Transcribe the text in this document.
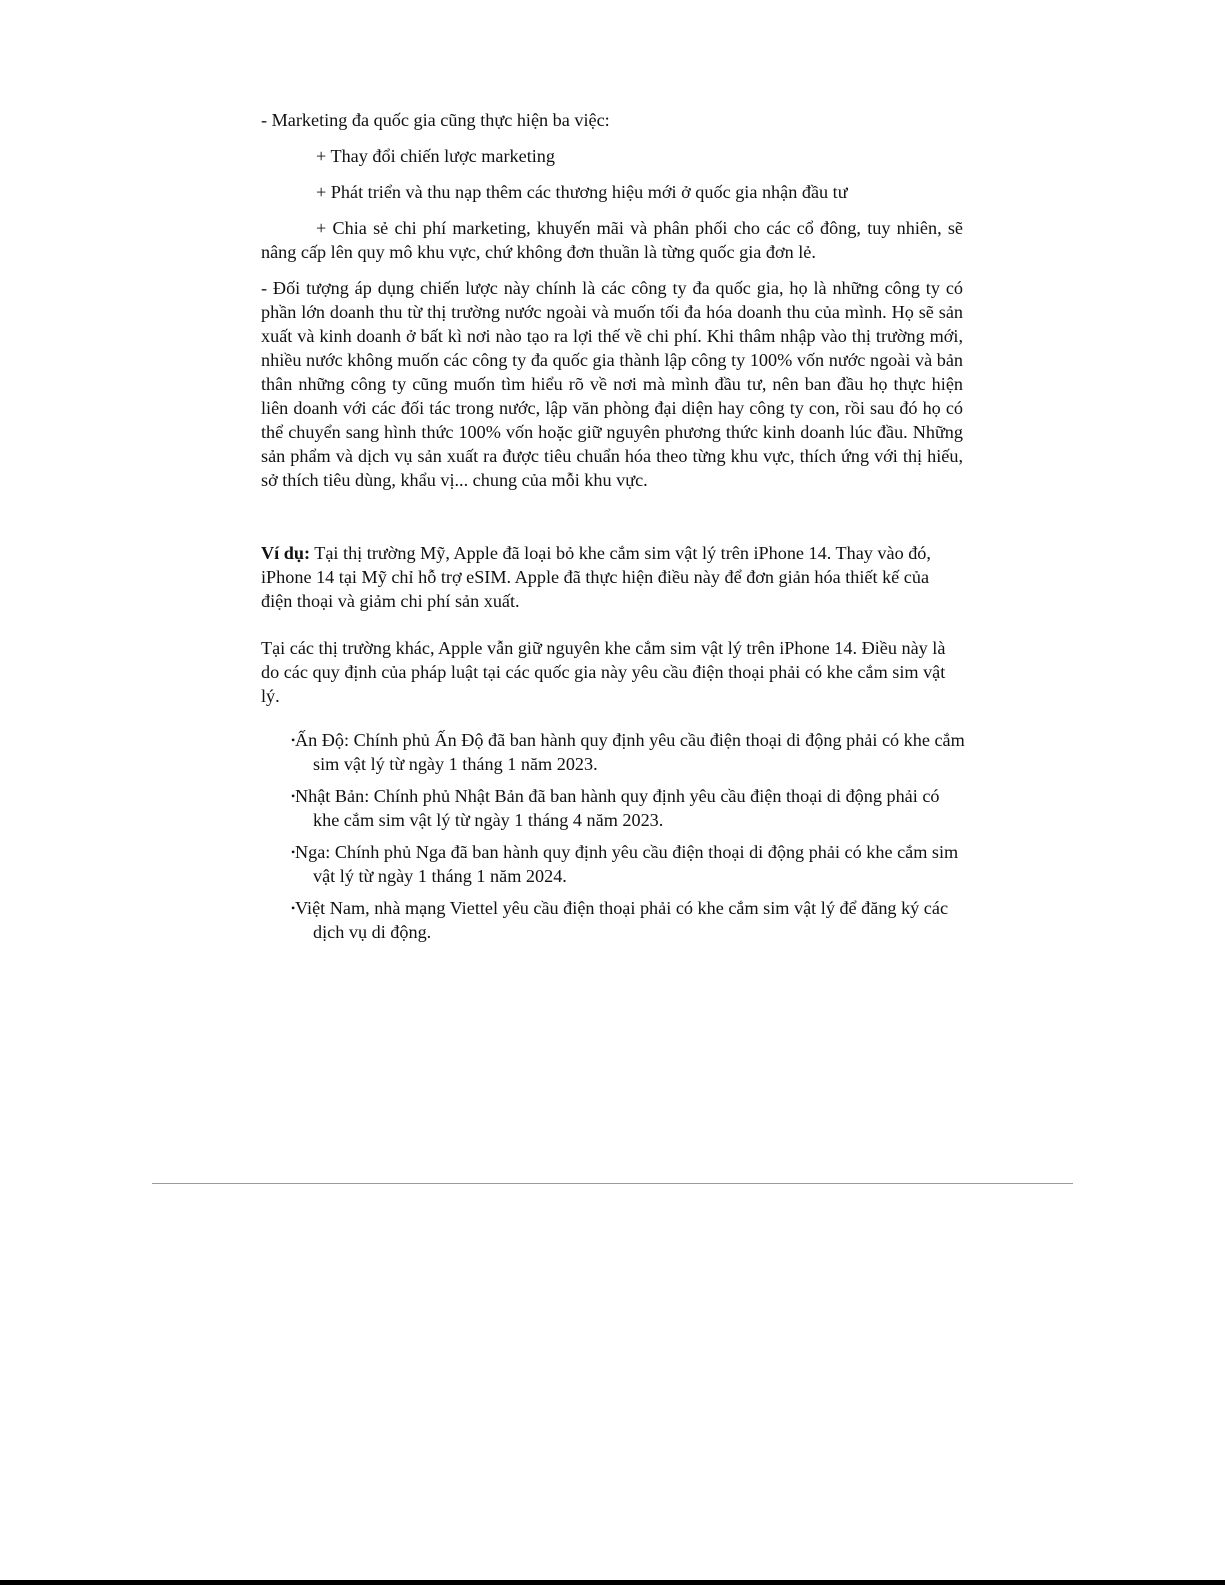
- Marketing đa quốc gia cũng thực hiện ba việc:

+ Thay đổi chiến lược marketing

+ Phát triển và thu nạp thêm các thương hiệu mới ở quốc gia nhận đầu tư

+ Chia sẻ chi phí marketing, khuyến mãi và phân phối cho các cổ đông, tuy nhiên, sẽ nâng cấp lên quy mô khu vực, chứ không đơn thuần là từng quốc gia đơn lẻ.

- Đối tượng áp dụng chiến lược này chính là các công ty đa quốc gia, họ là những công ty có phần lớn doanh thu từ thị trường nước ngoài và muốn tối đa hóa doanh thu của mình. Họ sẽ sản xuất và kinh doanh ở bất kì nơi nào tạo ra lợi thế về chi phí. Khi thâm nhập vào thị trường mới, nhiều nước không muốn các công ty đa quốc gia thành lập công ty 100% vốn nước ngoài và bản thân những công ty cũng muốn tìm hiểu rõ về nơi mà mình đầu tư, nên ban đầu họ thực hiện liên doanh với các đối tác trong nước, lập văn phòng đại diện hay công ty con, rồi sau đó họ có thể chuyển sang hình thức 100% vốn hoặc giữ nguyên phương thức kinh doanh lúc đầu. Những sản phẩm và dịch vụ sản xuất ra được tiêu chuẩn hóa theo từng khu vực, thích ứng với thị hiếu, sở thích tiêu dùng, khẩu vị... chung của mỗi khu vực.

Ví dụ: Tại thị trường Mỹ, Apple đã loại bỏ khe cắm sim vật lý trên iPhone 14. Thay vào đó, iPhone 14 tại Mỹ chỉ hỗ trợ eSIM. Apple đã thực hiện điều này để đơn giản hóa thiết kế của điện thoại và giảm chi phí sản xuất.

Tại các thị trường khác, Apple vẫn giữ nguyên khe cắm sim vật lý trên iPhone 14. Điều này là do các quy định của pháp luật tại các quốc gia này yêu cầu điện thoại phải có khe cắm sim vật lý.

•Ấn Độ: Chính phủ Ấn Độ đã ban hành quy định yêu cầu điện thoại di động phải có khe cắm sim vật lý từ ngày 1 tháng 1 năm 2023.
•Nhật Bản: Chính phủ Nhật Bản đã ban hành quy định yêu cầu điện thoại di động phải có khe cắm sim vật lý từ ngày 1 tháng 4 năm 2023.
•Nga: Chính phủ Nga đã ban hành quy định yêu cầu điện thoại di động phải có khe cắm sim vật lý từ ngày 1 tháng 1 năm 2024.
•Việt Nam, nhà mạng Viettel yêu cầu điện thoại phải có khe cắm sim vật lý để đăng ký các dịch vụ di động.
